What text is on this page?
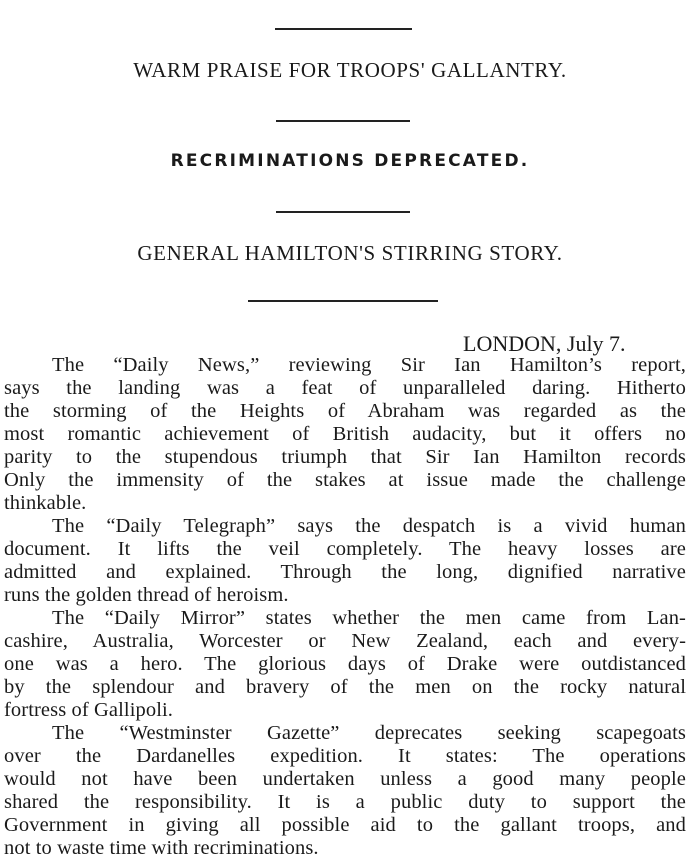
WARM PRAISE FOR TROOPS' GALLANTRY.
RECRIMINATIONS DEPRECATED.
GENERAL HAMILTON'S STIRRING STORY.
LONDON, July 7.
The “Daily News,” reviewing Sir Ian Hamilton’s report,
says the landing was a feat of unparalleled daring. Hitherto
the storming of the Heights of Abraham was regarded as the
most romantic achievement of British audacity, but it offers no
parity to the stupendous triumph that Sir Ian Hamilton records
Only the immensity of the stakes at issue made the challenge
thinkable.
The “Daily Telegraph” says the despatch is a vivid human
document. It lifts the veil completely. The heavy losses are
admitted and explained. Through the long, dignified narrative
runs the golden thread of heroism.
The “Daily Mirror” states whether the men came from Lan-
cashire, Australia, Worcester or New Zealand, each and every-
one was a hero. The glorious days of Drake were outdistanced
by the splendour and bravery of the men on the rocky natural
fortress of Gallipoli.
The “Westminster Gazette” deprecates seeking scapegoats
over the Dardanelles expedition. It states: The operations
would not have been undertaken unless a good many people
shared the responsibility. It is a public duty to support the
Government in giving all possible aid to the gallant troops, and
not to waste time with recriminations.
